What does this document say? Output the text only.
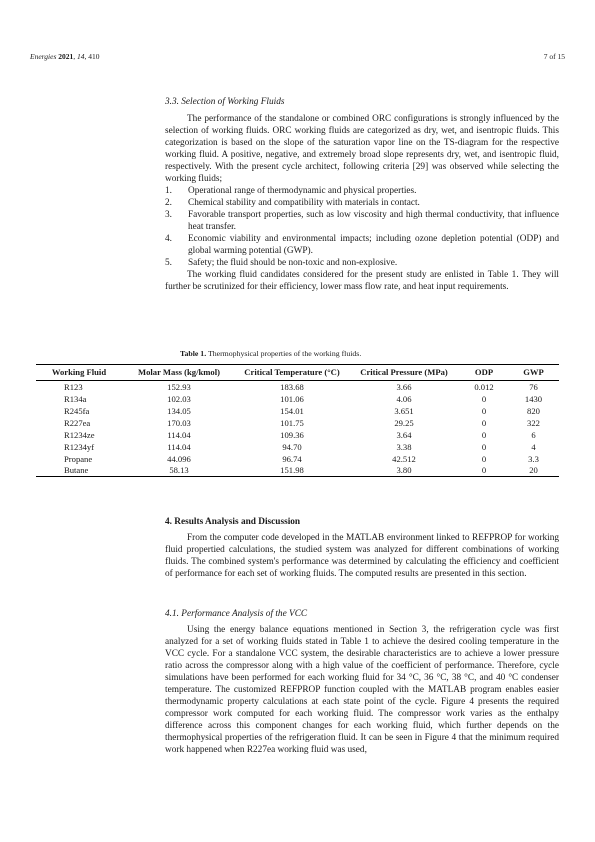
Energies 2021, 14, 410	7 of 15
3.3. Selection of Working Fluids

The performance of the standalone or combined ORC configurations is strongly influenced by the selection of working fluids. ORC working fluids are categorized as dry, wet, and isentropic fluids. This categorization is based on the slope of the saturation vapor line on the TS-diagram for the respective working fluid. A positive, negative, and extremely broad slope represents dry, wet, and isentropic fluid, respectively. With the present cycle architect, following criteria [29] was observed while selecting the working fluids;

1. Operational range of thermodynamic and physical properties.
2. Chemical stability and compatibility with materials in contact.
3. Favorable transport properties, such as low viscosity and high thermal conductivity, that influence heat transfer.
4. Economic viability and environmental impacts; including ozone depletion potential (ODP) and global warming potential (GWP).
5. Safety; the fluid should be non-toxic and non-explosive.

The working fluid candidates considered for the present study are enlisted in Table 1. They will further be scrutinized for their efficiency, lower mass flow rate, and heat input requirements.

Table 1. Thermophysical properties of the working fluids.
Working Fluid	Molar Mass (kg/kmol)	Critical Temperature (°C)	Critical Pressure (MPa)	ODP	GWP
R123	152.93	183.68	3.66	0.012	76
R134a	102.03	101.06	4.06	0	1430
R245fa	134.05	154.01	3.651	0	820
R227ea	170.03	101.75	29.25	0	322
R1234ze	114.04	109.36	3.64	0	6
R1234yf	114.04	94.70	3.38	0	4
Propane	44.096	96.74	42.512	0	3.3
Butane	58.13	151.98	3.80	0	20
4. Results Analysis and Discussion

From the computer code developed in the MATLAB environment linked to REFPROP for working fluid propertied calculations, the studied system was analyzed for different combinations of working fluids. The combined system's performance was determined by calculating the efficiency and coefficient of performance for each set of working fluids. The computed results are presented in this section.

4.1. Performance Analysis of the VCC

Using the energy balance equations mentioned in Section 3, the refrigeration cycle was first analyzed for a set of working fluids stated in Table 1 to achieve the desired cooling temperature in the VCC cycle. For a standalone VCC system, the desirable characteristics are to achieve a lower pressure ratio across the compressor along with a high value of the coefficient of performance. Therefore, cycle simulations have been performed for each working fluid for 34 °C, 36 °C, 38 °C, and 40 °C condenser temperature. The customized REFPROP function coupled with the MATLAB program enables easier thermodynamic property calculations at each state point of the cycle. Figure 4 presents the required compressor work computed for each working fluid. The compressor work varies as the enthalpy difference across this component changes for each working fluid, which further depends on the thermophysical properties of the refrigeration fluid. It can be seen in Figure 4 that the minimum required work happened when R227ea working fluid was used,
